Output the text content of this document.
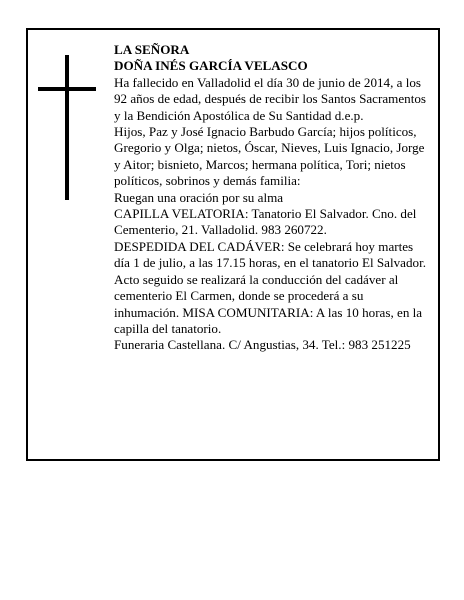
LA SEÑORA

DOÑA INÉS GARCÍA VELASCO

Ha fallecido en Valladolid el día 30 de junio de 2014, a los 92 años de edad, después de recibir los Santos Sacramentos y la Bendición Apostólica de Su Santidad d.e.p.

Hijos, Paz y José Ignacio Barbudo García; hijos políticos, Gregorio y Olga; nietos, Óscar, Nieves, Luis Ignacio, Jorge y Aitor; bisnieto, Marcos; hermana política, Tori; nietos políticos, sobrinos y demás familia:

Ruegan una oración por su alma

CAPILLA VELATORIA: Tanatorio El Salvador. Cno. del Cementerio, 21. Valladolid. 983 260722.

DESPEDIDA DEL CADÁVER: Se celebrará hoy martes día 1 de julio, a las 17.15 horas, en el tanatorio El Salvador. Acto seguido se realizará la conducción del cadáver al cementerio El Carmen, donde se procederá a su inhumación. MISA COMUNITARIA: A las 10 horas, en la capilla del tanatorio.

Funeraria Castellana. C/ Angustias, 34. Tel.: 983 251225
